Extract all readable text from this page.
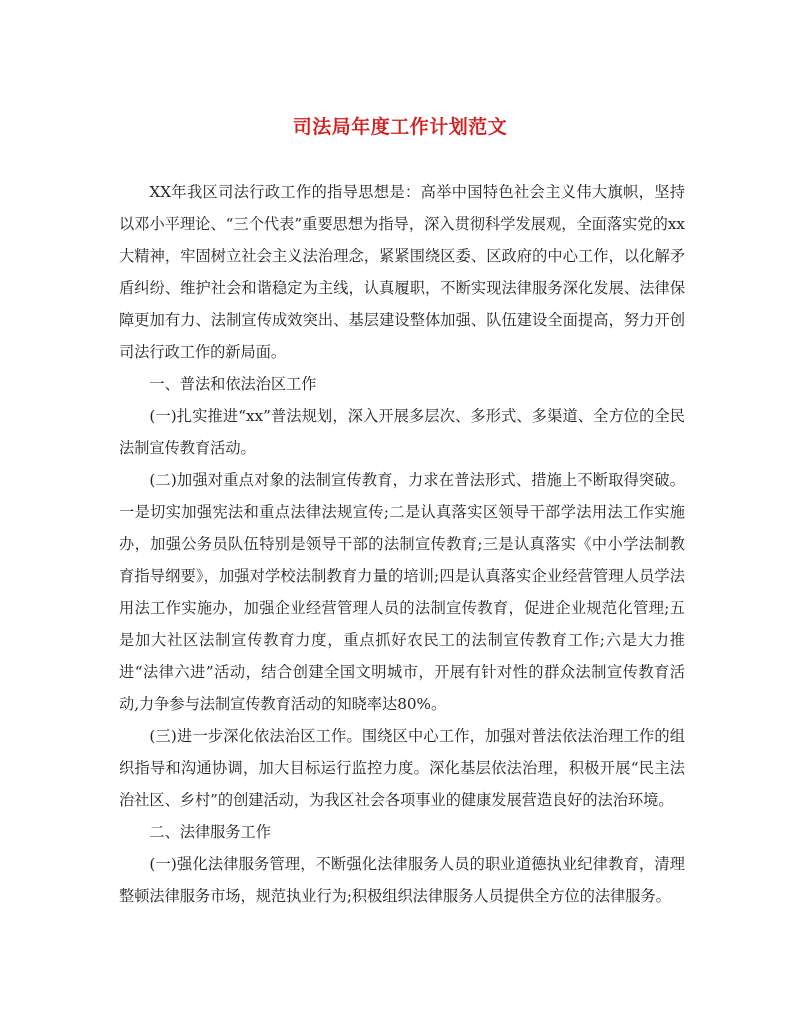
司法局年度工作计划范文

XX年我区司法行政工作的指导思想是：高举中国特色社会主义伟大旗帜，坚持以邓小平理论、“三个代表”重要思想为指导，深入贯彻科学发展观，全面落实党的xx大精神，牢固树立社会主义法治理念，紧紧围绕区委、区政府的中心工作，以化解矛盾纠纷、维护社会和谐稳定为主线，认真履职，不断实现法律服务深化发展、法律保障更加有力、法制宣传成效突出、基层建设整体加强、队伍建设全面提高，努力开创司法行政工作的新局面。

一、普法和依法治区工作

(一)扎实推进“xx”普法规划，深入开展多层次、多形式、多渠道、全方位的全民法制宣传教育活动。

(二)加强对重点对象的法制宣传教育，力求在普法形式、措施上不断取得突破。一是切实加强宪法和重点法律法规宣传;二是认真落实区领导干部学法用法工作实施办，加强公务员队伍特别是领导干部的法制宣传教育;三是认真落实《中小学法制教育指导纲要》，加强对学校法制教育力量的培训;四是认真落实企业经营管理人员学法用法工作实施办，加强企业经营管理人员的法制宣传教育，促进企业规范化管理;五是加大社区法制宣传教育力度，重点抓好农民工的法制宣传教育工作;六是大力推进“法律六进”活动，结合创建全国文明城市，开展有针对性的群众法制宣传教育活动,力争参与法制宣传教育活动的知晓率达80%。

(三)进一步深化依法治区工作。围绕区中心工作，加强对普法依法治理工作的组织指导和沟通协调，加大目标运行监控力度。深化基层依法治理，积极开展“民主法治社区、乡村”的创建活动，为我区社会各项事业的健康发展营造良好的法治环境。

二、法律服务工作

(一)强化法律服务管理，不断强化法律服务人员的职业道德执业纪律教育，清理整顿法律服务市场，规范执业行为;积极组织法律服务人员提供全方位的法律服务。
